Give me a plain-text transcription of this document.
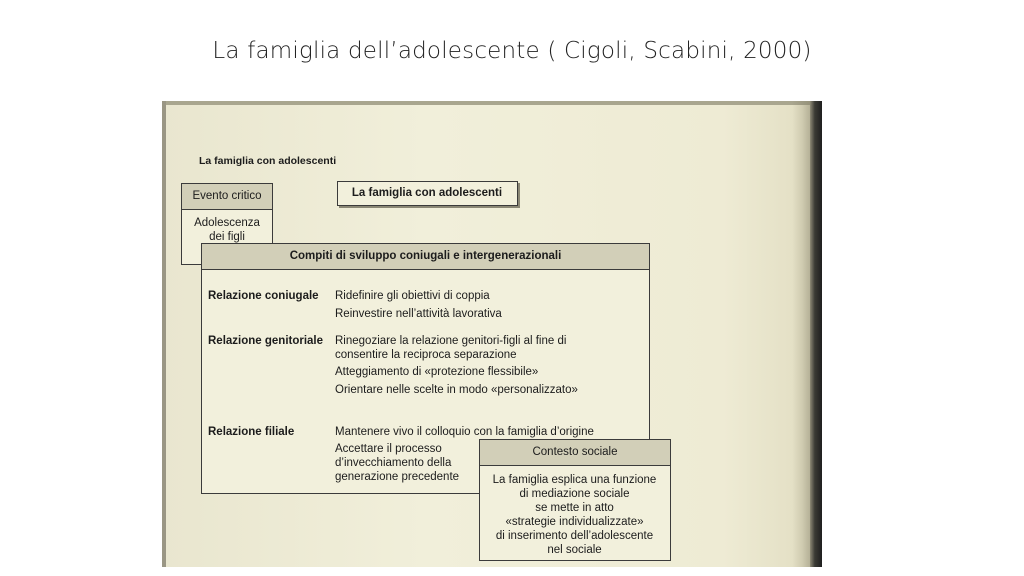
La famiglia dell’adolescente ( Cigoli, Scabini, 2000)
La famiglia con adolescenti
Evento critico
Adolescenza
dei figli
La famiglia con adolescenti
Compiti di sviluppo coniugali e intergenerazionali
Relazione coniugale Ridefinire gli obiettivi di coppia
Reinvestire nell’attività lavorativa
Relazione genitoriale Rinegoziare la relazione genitori-figli al fine di
consentire la reciproca separazione
Atteggiamento di «protezione flessibile»
Orientare nelle scelte in modo «personalizzato»
Relazione filiale	Mantenere vivo il colloquio con la famiglia d’origine
Accettare il processo
d’invecchiamento della
generazione precedente
Contesto sociale
La famiglia esplica una funzione
di mediazione sociale
se mette in atto
«strategie individualizzate»
di inserimento dell’adolescente
nel sociale
